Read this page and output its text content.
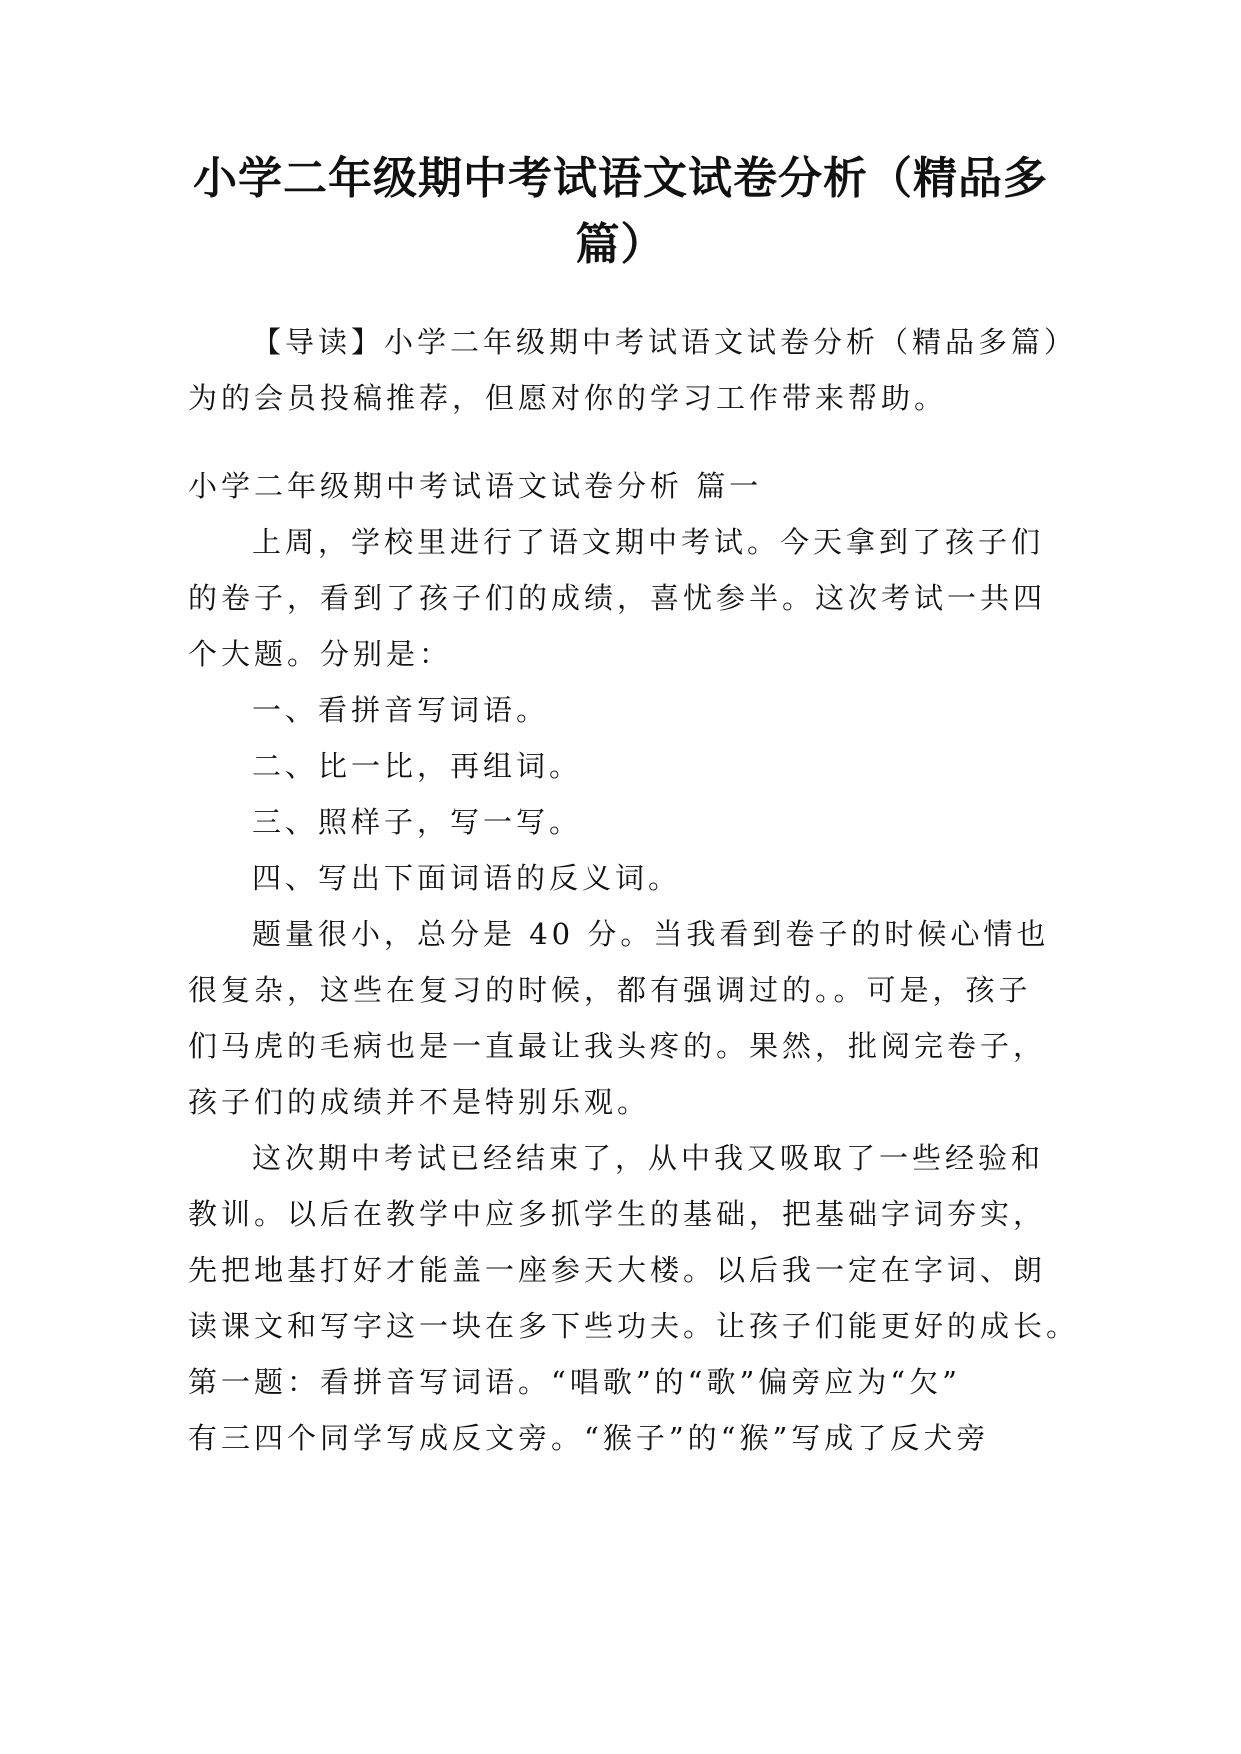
小学二年级期中考试语文试卷分析（精品多
篇）
【导读】小学二年级期中考试语文试卷分析（精品多篇）
为的会员投稿推荐，但愿对你的学习工作带来帮助。
小学二年级期中考试语文试卷分析 篇一
上周，学校里进行了语文期中考试。今天拿到了孩子们
的卷子，看到了孩子们的成绩，喜忧参半。这次考试一共四
个大题。分别是：
一、看拼音写词语。
二、比一比，再组词。
三、照样子，写一写。
四、写出下面词语的反义词。
题量很小，总分是 40 分。当我看到卷子的时候心情也
很复杂，这些在复习的时候，都有强调过的。。可是，孩子
们马虎的毛病也是一直最让我头疼的。果然，批阅完卷子，
孩子们的成绩并不是特别乐观。
这次期中考试已经结束了，从中我又吸取了一些经验和
教训。以后在教学中应多抓学生的基础，把基础字词夯实，
先把地基打好才能盖一座参天大楼。以后我一定在字词、朗
读课文和写字这一块在多下些功夫。让孩子们能更好的成长。
第一题：看拼音写词语。“唱歌”的“歌”偏旁应为“欠”
有三四个同学写成反文旁。“猴子”的“猴”写成了反犬旁
